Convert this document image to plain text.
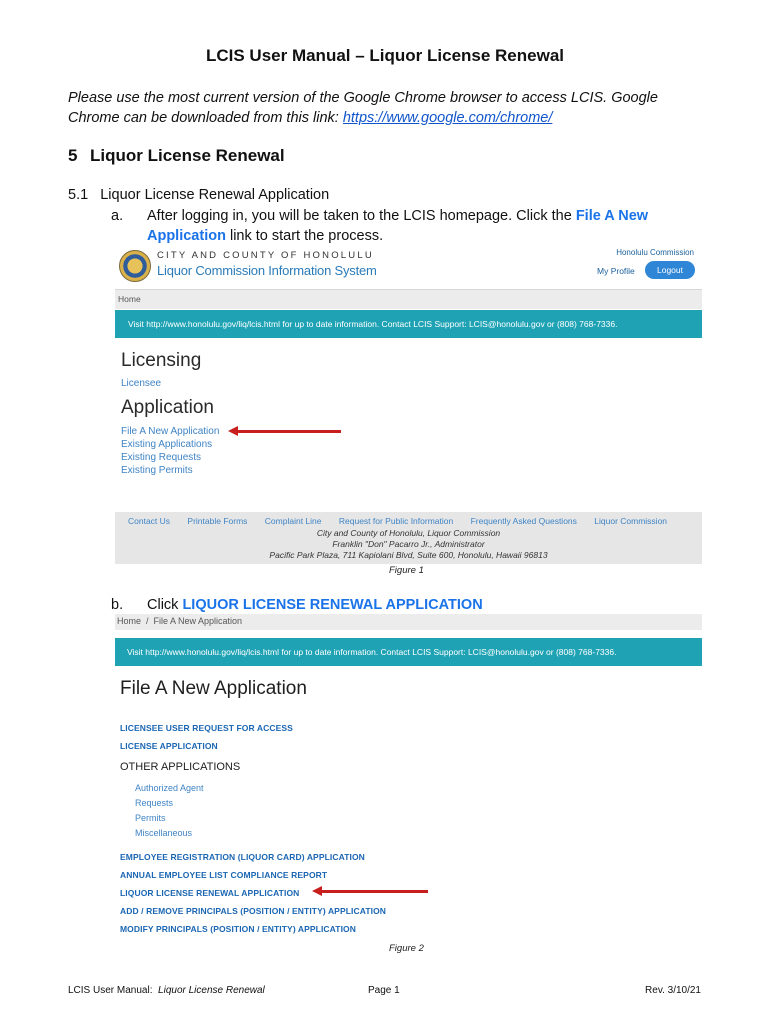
LCIS User Manual – Liquor License Renewal
Please use the most current version of the Google Chrome browser to access LCIS. Google Chrome can be downloaded from this link: https://www.google.com/chrome/
5 Liquor License Renewal
5.1   Liquor License Renewal Application
a. After logging in, you will be taken to the LCIS homepage. Click the File A New
Application link to start the process.
CITY AND COUNTY OF HONOLULU
Liquor Commission Information System
Honolulu Commission
My Profile	Logout
Home
Visit http://www.honolulu.gov/liq/lcis.html for up to date information. Contact LCIS Support: LCIS@honolulu.gov or (808) 768-7336.
Licensing
Licensee
Application
File A New Application
Existing Applications
Existing Requests
Existing Permits
Contact Us Printable Forms Complaint Line Request for Public Information Frequently Asked Questions Liquor Commission
City and County of Honolulu, Liquor Commission
Franklin "Don" Pacarro Jr., Administrator
Pacific Park Plaza, 711 Kapiolani Blvd, Suite 600, Honolulu, Hawaii 96813
Figure 1
b. Click LIQUOR LICENSE RENEWAL APPLICATION
Home  /  File A New Application
Visit http://www.honolulu.gov/liq/lcis.html for up to date information. Contact LCIS Support: LCIS@honolulu.gov or (808) 768-7336.
File A New Application
LICENSEE USER REQUEST FOR ACCESS
LICENSE APPLICATION
OTHER APPLICATIONS
Authorized Agent
Requests
Permits
Miscellaneous
EMPLOYEE REGISTRATION (LIQUOR CARD) APPLICATION
ANNUAL EMPLOYEE LIST COMPLIANCE REPORT
LIQUOR LICENSE RENEWAL APPLICATION
ADD / REMOVE PRINCIPALS (POSITION / ENTITY) APPLICATION
MODIFY PRINCIPALS (POSITION / ENTITY) APPLICATION
Figure 2
LCIS User Manual:  Liquor License Renewal	Page 1	Rev. 3/10/21
